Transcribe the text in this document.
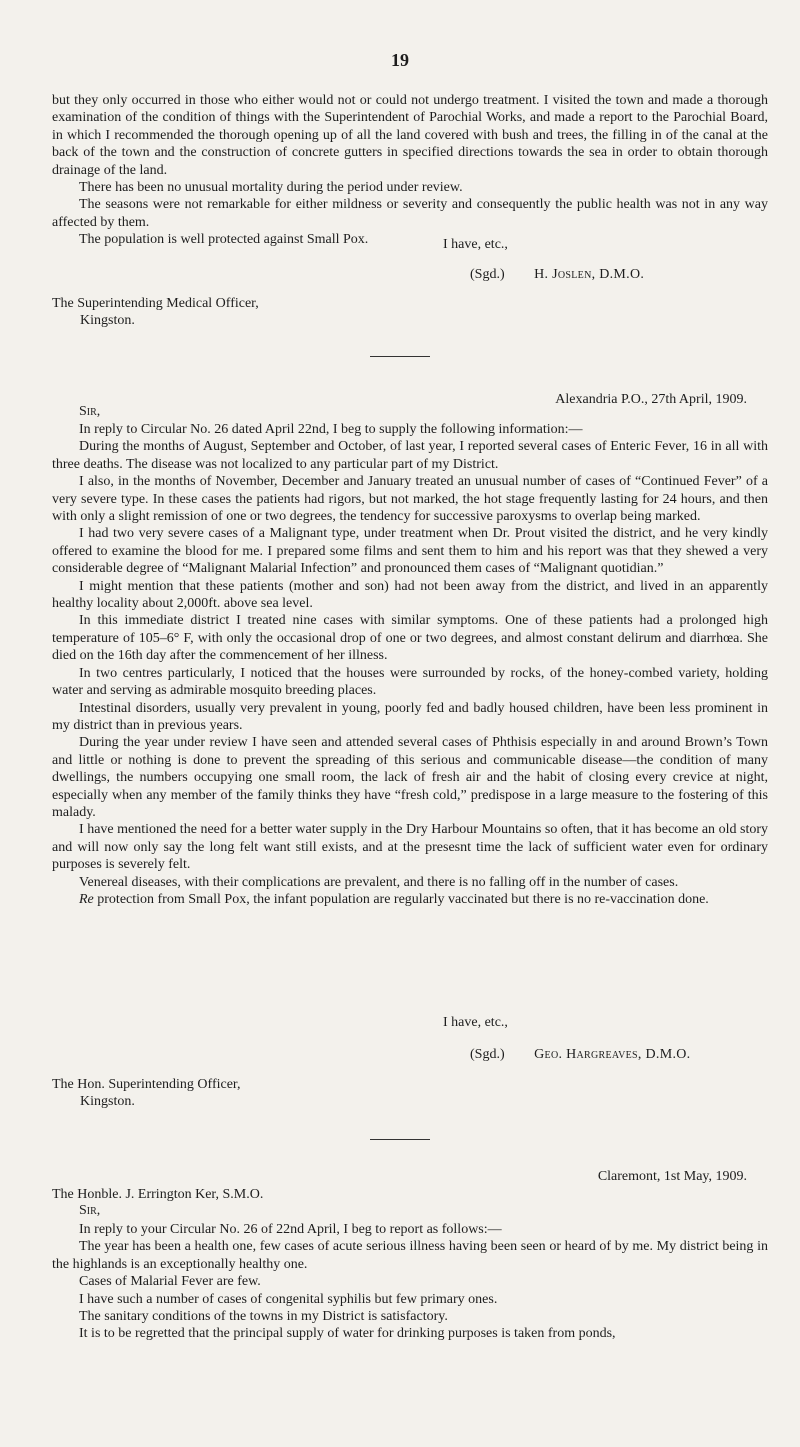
19

but they only occurred in those who either would not or could not undergo treatment. I visited the town and made a thorough examination of the condition of things with the Superintendent of Parochial Works, and made a report to the Parochial Board, in which I recommended the thorough opening up of all the land covered with bush and trees, the filling in of the canal at the back of the town and the construction of concrete gutters in specified directions towards the sea in order to obtain thorough drainage of the land.

There has been no unusual mortality during the period under review.

The seasons were not remarkable for either mildness or severity and consequently the public health was not in any way affected by them.

The population is well protected against Small Pox.	I have, etc.,
(Sgd.) H. Joslen, D.M.O.
The Superintending Medical Officer,
Kingston.
Alexandria P.O., 27th April, 1909.
Sir,

In reply to Circular No. 26 dated April 22nd, I beg to supply the following information:—

During the months of August, September and October, of last year, I reported several cases of Enteric Fever, 16 in all with three deaths. The disease was not localized to any particular part of my District.

I also, in the months of November, December and January treated an unusual number of cases of “Continued Fever” of a very severe type. In these cases the patients had rigors, but not marked, the hot stage frequently lasting for 24 hours, and then with only a slight remission of one or two degrees, the tendency for successive paroxysms to overlap being marked.

I had two very severe cases of a Malignant type, under treatment when Dr. Prout visited the district, and he very kindly offered to examine the blood for me. I prepared some films and sent them to him and his report was that they shewed a very considerable degree of “Malignant Malarial Infection” and pronounced them cases of “Malignant quotidian.”

I might mention that these patients (mother and son) had not been away from the district, and lived in an apparently healthy locality about 2,000ft. above sea level.

In this immediate district I treated nine cases with similar symptoms. One of these patients had a prolonged high temperature of 105–6° F, with only the occasional drop of one or two degrees, and almost constant delirum and diarrhœa. She died on the 16th day after the commencement of her illness.

In two centres particularly, I noticed that the houses were surrounded by rocks, of the honey-combed variety, holding water and serving as admirable mosquito breeding places.

Intestinal disorders, usually very prevalent in young, poorly fed and badly housed children, have been less prominent in my district than in previous years.

During the year under review I have seen and attended several cases of Phthisis especially in and around Brown’s Town and little or nothing is done to prevent the spreading of this serious and communicable disease—the condition of many dwellings, the numbers occupying one small room, the lack of fresh air and the habit of closing every crevice at night, especially when any member of the family thinks they have “fresh cold,” predispose in a large measure to the fostering of this malady.

I have mentioned the need for a better water supply in the Dry Harbour Mountains so often, that it has become an old story and will now only say the long felt want still exists, and at the presesnt time the lack of sufficient water even for ordinary purposes is severely felt.

Venereal diseases, with their complications are prevalent, and there is no falling off in the number of cases.

Re protection from Small Pox, the infant population are regularly vaccinated but there is no re-vaccination done.

I have, etc.,
(Sgd.) Geo. Hargreaves, D.M.O.
The Hon. Superintending Officer,
Kingston.
Claremont, 1st May, 1909.
The Honble. J. Errington Ker, S.M.O.
Sir,

In reply to your Circular No. 26 of 22nd April, I beg to report as follows:—

The year has been a health one, few cases of acute serious illness having been seen or heard of by me. My district being in the highlands is an exceptionally healthy one.

Cases of Malarial Fever are few.

I have such a number of cases of congenital syphilis but few primary ones.

The sanitary conditions of the towns in my District is satisfactory.

It is to be regretted that the principal supply of water for drinking purposes is taken from ponds,
